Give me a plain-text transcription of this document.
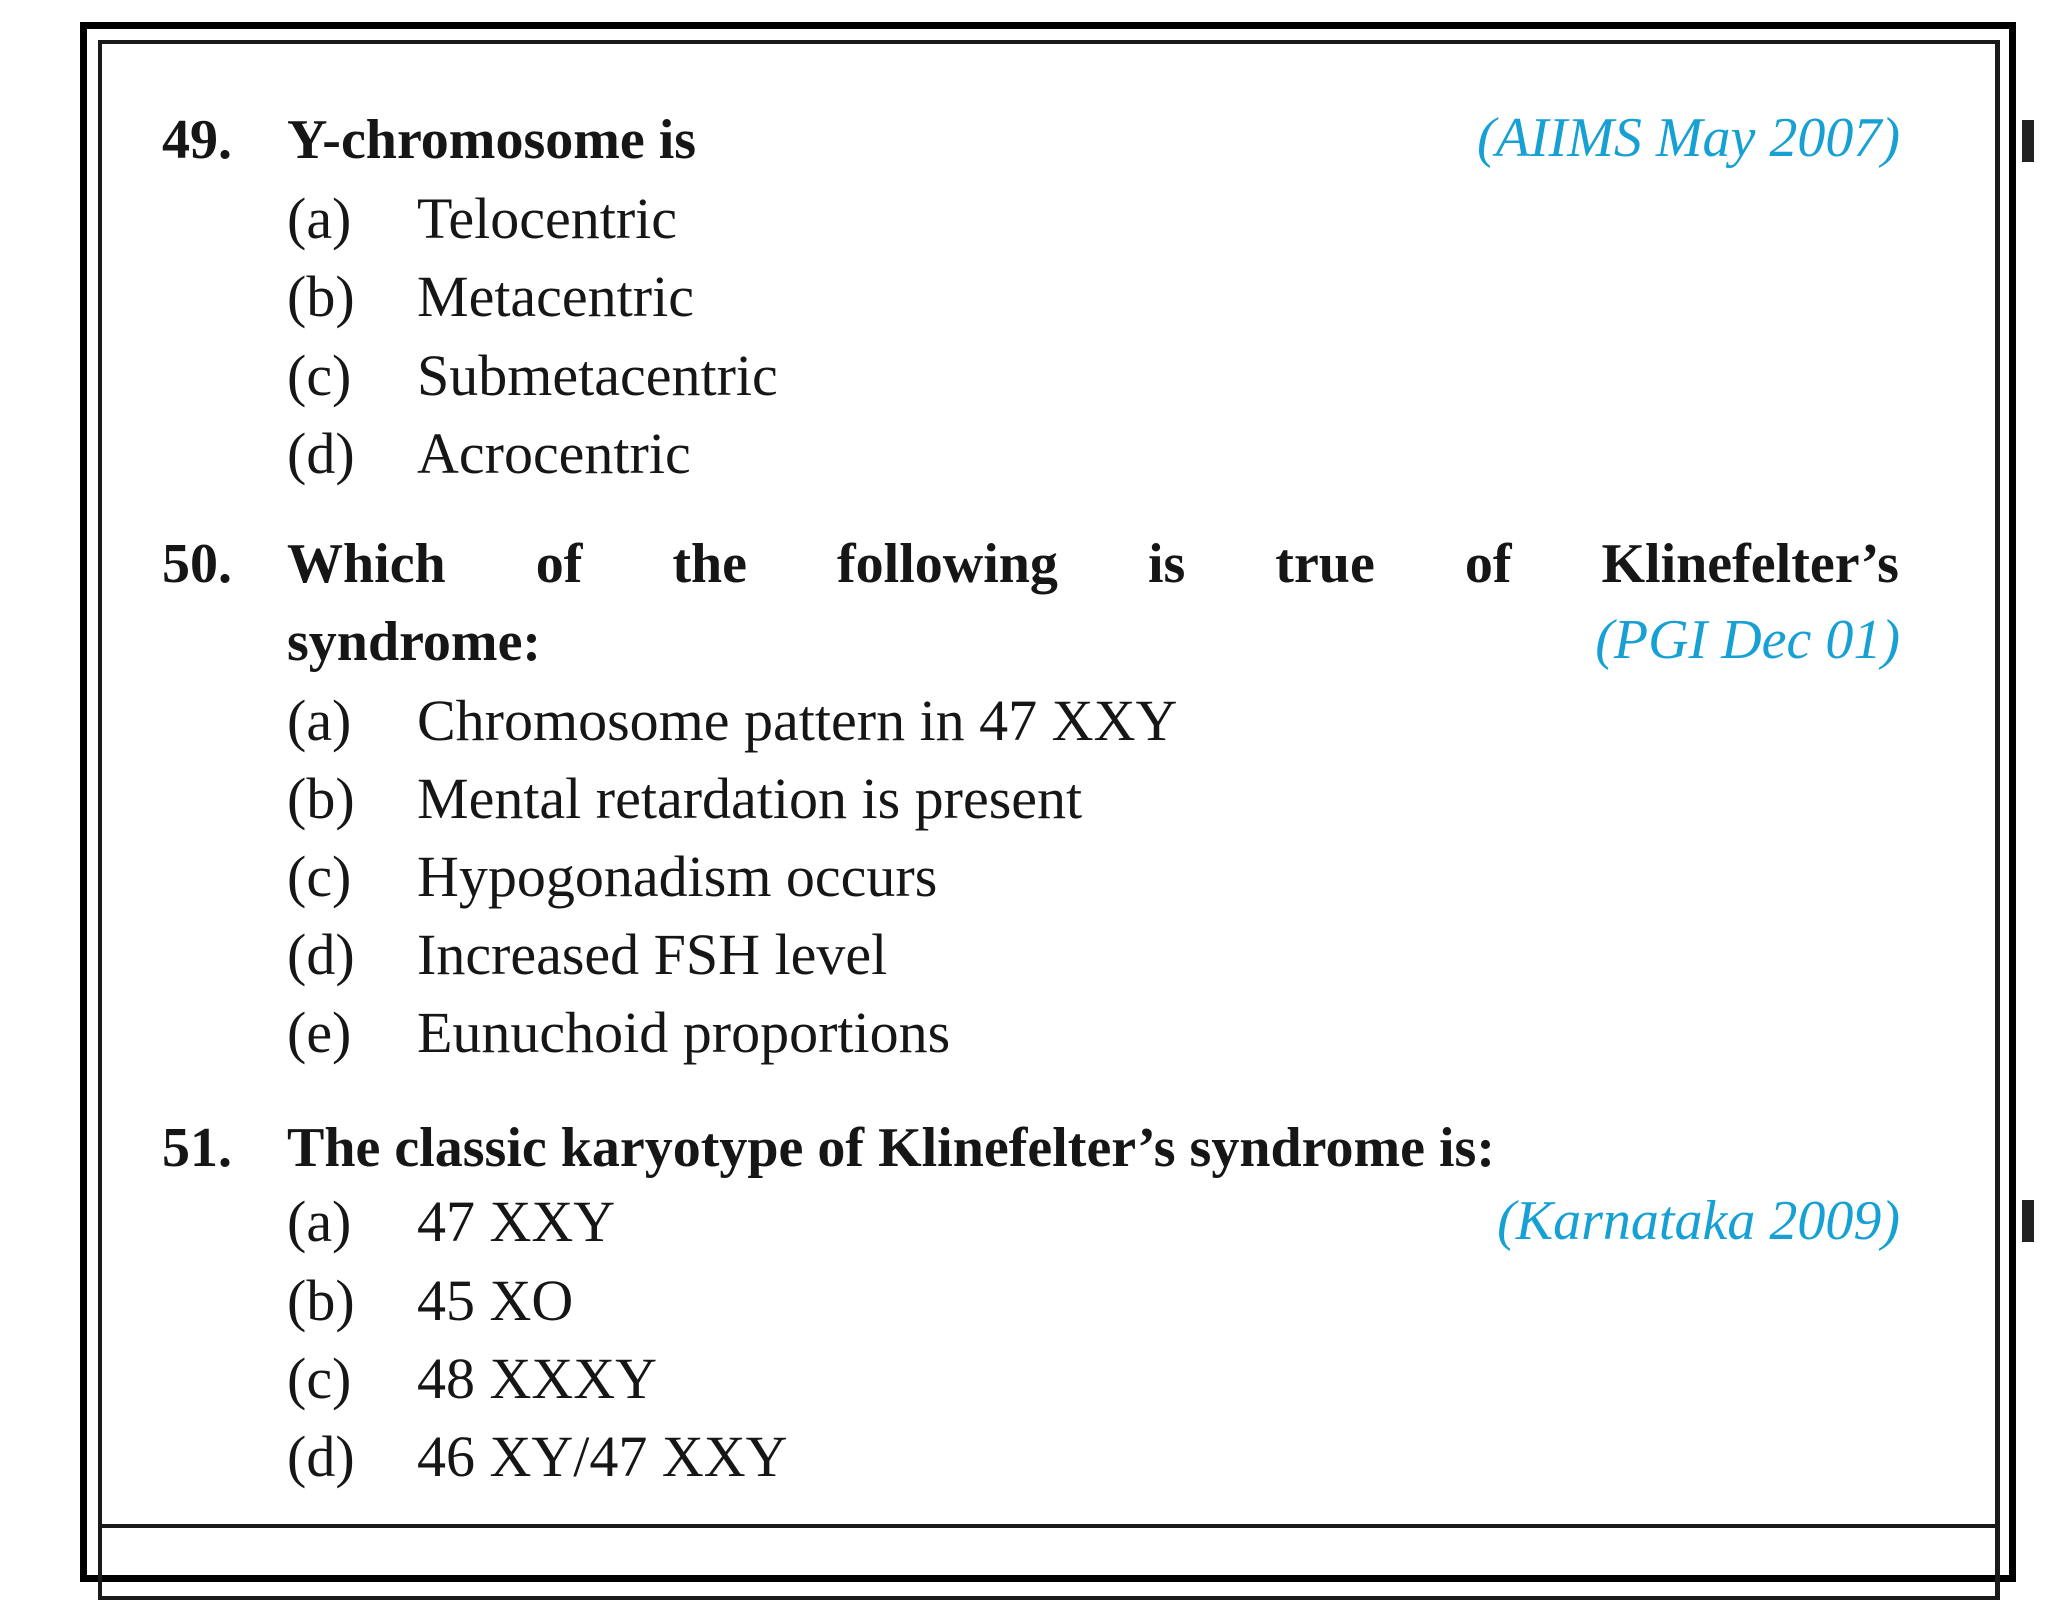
49. Y-chromosome is	(AIIMS May 2007)
(a) Telocentric
(b) Metacentric
(c) Submetacentric
(d) Acrocentric
50. Which of the following is true of Klinefelter’s
syndrome:	(PGI Dec 01)
(a) Chromosome pattern in 47 XXY
(b) Mental retardation is present
(c) Hypogonadism occurs
(d) Increased FSH level
(e) Eunuchoid proportions
51. The classic karyotype of Klinefelter’s syndrome is:
(Karnataka 2009)
(a) 47 XXY
(b) 45 XO
(c) 48 XXXY
(d) 46 XY/47 XXY
